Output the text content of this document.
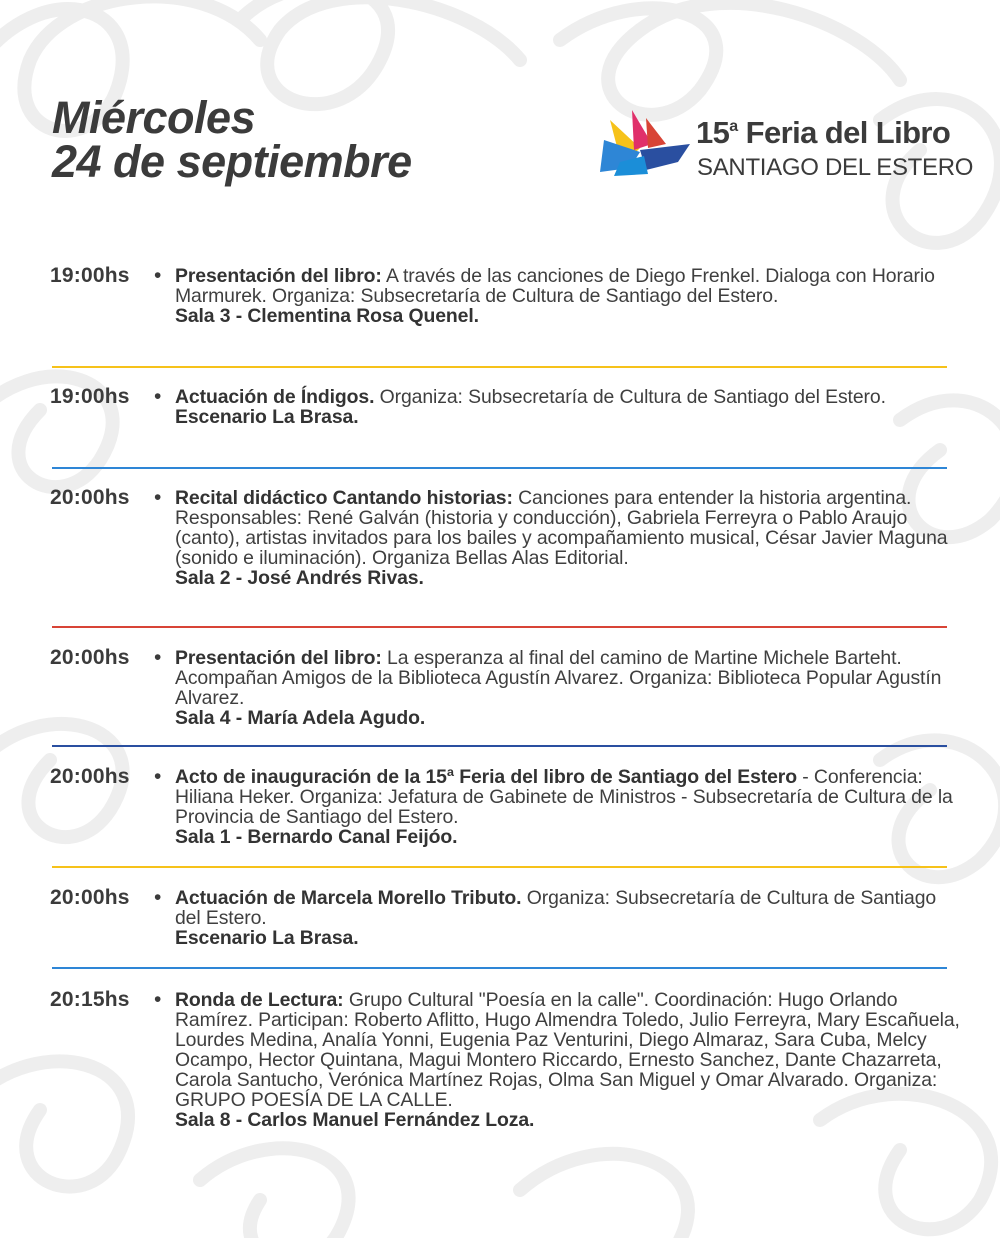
Miércoles
24 de septiembre
15$^a$ Feria del Libro
SANTIAGO DEL ESTERO
19:00hs • Presentación del libro: A través de las canciones de Diego Frenkel. Dialoga con Horario Marmurek. Organiza: Subsecretaría de Cultura de Santiago del Estero.
Sala 3 - Clementina Rosa Quenel.
19:00hs • Actuación de Índigos. Organiza: Subsecretaría de Cultura de Santiago del Estero.
Escenario La Brasa.
20:00hs • Recital didáctico Cantando historias: Canciones para entender la historia argentina. Responsables: René Galván (historia y conducción), Gabriela Ferreyra o Pablo Araujo (canto), artistas invitados para los bailes y acompañamiento musical, César Javier Maguna (sonido e iluminación). Organiza Bellas Alas Editorial.
Sala 2 - José Andrés Rivas.
20:00hs • Presentación del libro: La esperanza al final del camino de Martine Michele Barteht. Acompañan Amigos de la Biblioteca Agustín Alvarez. Organiza: Biblioteca Popular Agustín Alvarez.
Sala 4 - María Adela Agudo.
20:00hs • Acto de inauguración de la 15ª Feria del libro de Santiago del Estero - Conferencia: Hiliana Heker. Organiza: Jefatura de Gabinete de Ministros - Subsecretaría de Cultura de la Provincia de Santiago del Estero.
Sala 1 - Bernardo Canal Feijóo.
20:00hs • Actuación de Marcela Morello Tributo. Organiza: Subsecretaría de Cultura de Santiago del Estero.
Escenario La Brasa.
20:15hs • Ronda de Lectura: Grupo Cultural "Poesía en la calle". Coordinación: Hugo Orlando Ramírez. Participan: Roberto Aflitto, Hugo Almendra Toledo, Julio Ferreyra, Mary Escañuela, Lourdes Medina, Analía Yonni, Eugenia Paz Venturini, Diego Almaraz, Sara Cuba, Melcy Ocampo, Hector Quintana, Magui Montero Riccardo, Ernesto Sanchez, Dante Chazarreta, Carola Santucho, Verónica Martínez Rojas, Olma San Miguel y Omar Alvarado. Organiza: GRUPO POESÍA DE LA CALLE.
Sala 8 - Carlos Manuel Fernández Loza.
